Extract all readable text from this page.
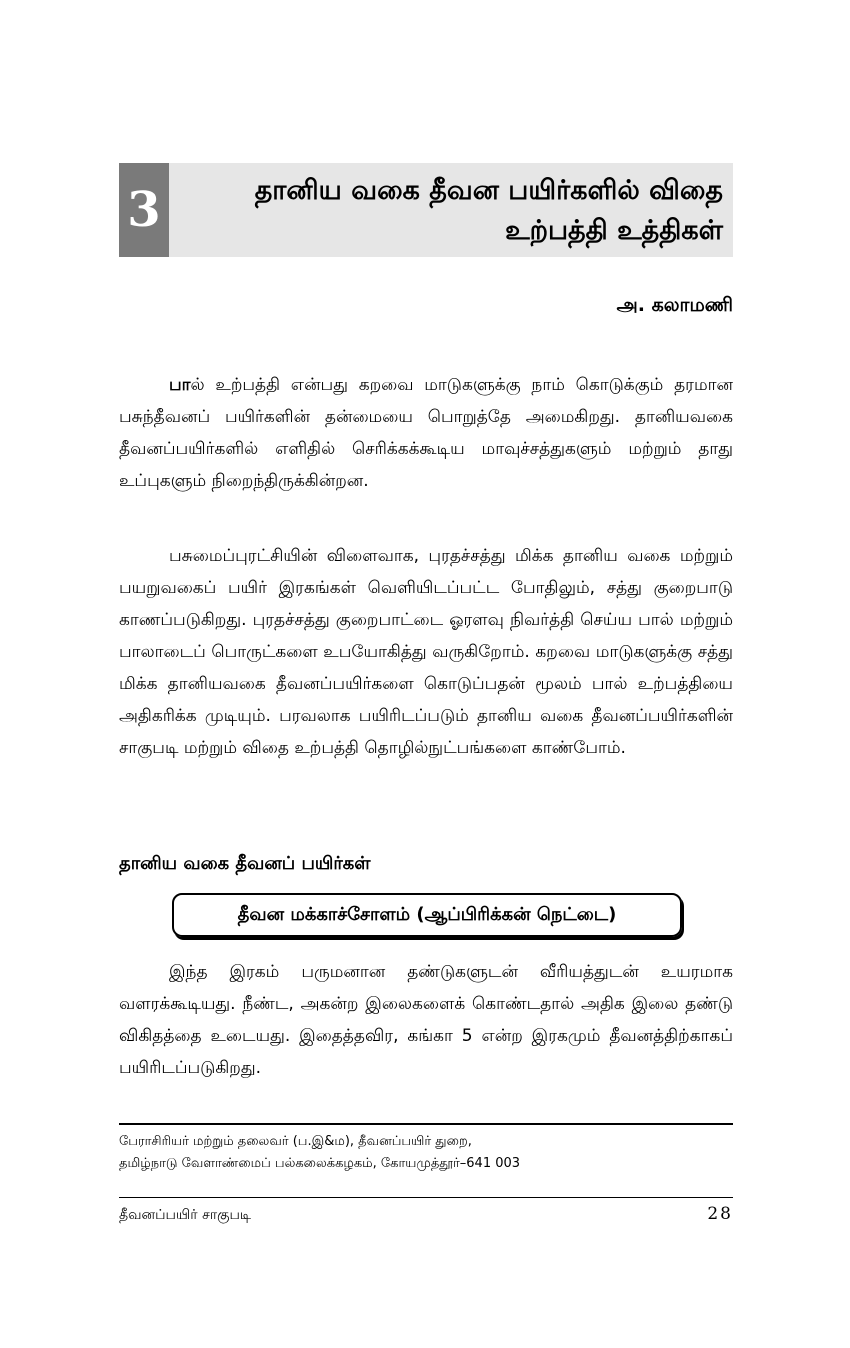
3	தானிய வகை தீவன பயிர்களில் விதை
உற்பத்தி உத்திகள்
அ. கலாமணி
பால் உற்பத்தி என்பது கறவை மாடுகளுக்கு நாம் கொடுக்கும் தரமான பசுந்தீவனப் பயிர்களின் தன்மையை பொறுத்தே அமைகிறது. தானியவகை தீவனப்பயிர்களில் எளிதில் செரிக்கக்கூடிய மாவுச்சத்துகளும் மற்றும் தாது உப்புகளும் நிறைந்திருக்கின்றன.
பசுமைப்புரட்சியின் விளைவாக, புரதச்சத்து மிக்க தானிய வகை மற்றும் பயறுவகைப் பயிர் இரகங்கள் வெளியிடப்பட்ட போதிலும், சத்து குறைபாடு காணப்படுகிறது. புரதச்சத்து குறைபாட்டை ஓரளவு நிவர்த்தி செய்ய பால் மற்றும் பாலாடைப் பொருட்களை உபயோகித்து வருகிறோம். கறவை மாடுகளுக்கு சத்து மிக்க தானியவகை தீவனப்பயிர்களை கொடுப்பதன் மூலம் பால் உற்பத்தியை அதிகரிக்க முடியும். பரவலாக பயிரிடப்படும் தானிய வகை தீவனப்பயிர்களின் சாகுபடி மற்றும் விதை உற்பத்தி தொழில்நுட்பங்களை காண்போம்.
தானிய வகை தீவனப் பயிர்கள்
தீவன மக்காச்சோளம் (ஆப்பிரிக்கன் நெட்டை)
இந்த இரகம் பருமனான தண்டுகளுடன் வீரியத்துடன் உயரமாக வளரக்கூடியது. நீண்ட, அகன்ற இலைகளைக் கொண்டதால் அதிக இலை தண்டு விகிதத்தை உடையது. இதைத்தவிர, கங்கா 5 என்ற இரகமும் தீவனத்திற்காகப் பயிரிடப்படுகிறது.
பேராசிரியர் மற்றும் தலைவர் (ப.இ&ம), தீவனப்பயிர் துறை,
தமிழ்நாடு வேளாண்மைப் பல்கலைக்கழகம், கோயமுத்தூர்–641 003
தீவனப்பயிர் சாகுபடி	28
